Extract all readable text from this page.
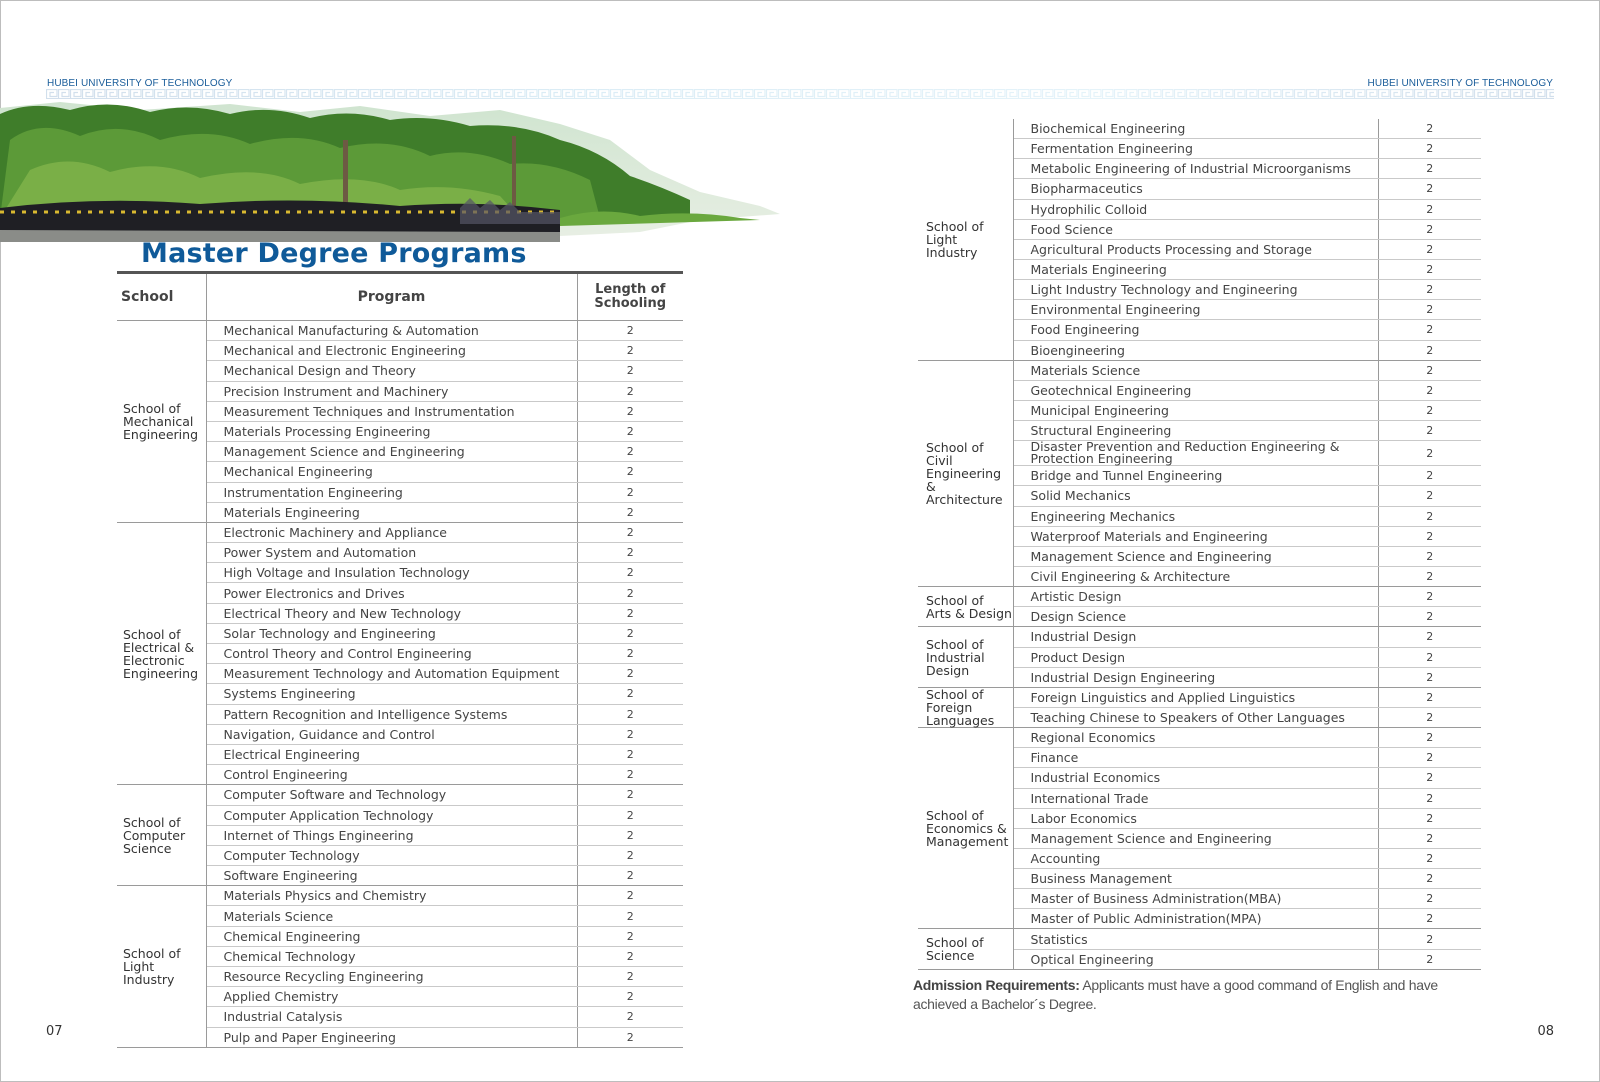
HUBEI UNIVERSITY OF TECHNOLOGY	HUBEI UNIVERSITY OF TECHNOLOGY
Master Degree Programs
School	Program	Length of Schooling
School of Mechanical Engineering	Mechanical Manufacturing & Automation	2
	Mechanical and Electronic Engineering	2
	Mechanical Design and Theory	2
	Precision Instrument and Machinery	2
	Measurement Techniques and Instrumentation	2
	Materials Processing Engineering	2
	Management Science and Engineering	2
	Mechanical Engineering	2
	Instrumentation Engineering	2
	Materials Engineering	2
School of Electrical & Electronic Engineering	Electronic Machinery and Appliance	2
	Power System and Automation	2
	High Voltage and Insulation Technology	2
	Power Electronics and Drives	2
	Electrical Theory and New Technology	2
	Solar Technology and Engineering	2
	Control Theory and Control Engineering	2
	Measurement Technology and Automation Equipment	2
	Systems Engineering	2
	Pattern Recognition and Intelligence Systems	2
	Navigation, Guidance and Control	2
	Electrical Engineering	2
	Control Engineering	2
School of Computer Science	Computer Software and Technology	2
	Computer Application Technology	2
	Internet of Things Engineering	2
	Computer Technology	2
	Software Engineering	2
School of Light Industry	Materials Physics and Chemistry	2
	Materials Science	2
	Chemical Engineering	2
	Chemical Technology	2
	Resource Recycling Engineering	2
	Applied Chemistry	2
	Industrial Catalysis	2
	Pulp and Paper Engineering	2
School of Light Industry	Biochemical Engineering	2
	Fermentation Engineering	2
	Metabolic Engineering of Industrial Microorganisms	2
	Biopharmaceutics	2
	Hydrophilic Colloid	2
	Food Science	2
	Agricultural Products Processing and Storage	2
	Materials Engineering	2
	Light Industry Technology and Engineering	2
	Environmental Engineering	2
	Food Engineering	2
	Bioengineering	2
School of Civil Engineering & Architecture	Materials Science	2
	Geotechnical Engineering	2
	Municipal Engineering	2
	Structural Engineering	2
	Disaster Prevention and Reduction Engineering & Protection Engineering	2
	Bridge and Tunnel Engineering	2
	Solid Mechanics	2
	Engineering Mechanics	2
	Waterproof Materials and Engineering	2
	Management Science and Engineering	2
	Civil Engineering & Architecture	2
School of Arts & Design	Artistic Design	2
	Design Science	2
School of Industrial Design	Industrial Design	2
	Product Design	2
	Industrial Design Engineering	2
School of Foreign Languages	Foreign Linguistics and Applied Linguistics	2
	Teaching Chinese to Speakers of Other Languages	2
School of Economics & Management	Regional Economics	2
	Finance	2
	Industrial Economics	2
	International Trade	2
	Labor Economics	2
	Management Science and Engineering	2
	Accounting	2
	Business Management	2
	Master of Business Administration(MBA)	2
	Master of Public Administration(MPA)	2
School of Science	Statistics	2
	Optical Engineering	2
Admission Requirements: Applicants must have a good command of English and have achieved a Bachelor´s Degree.
07	08
